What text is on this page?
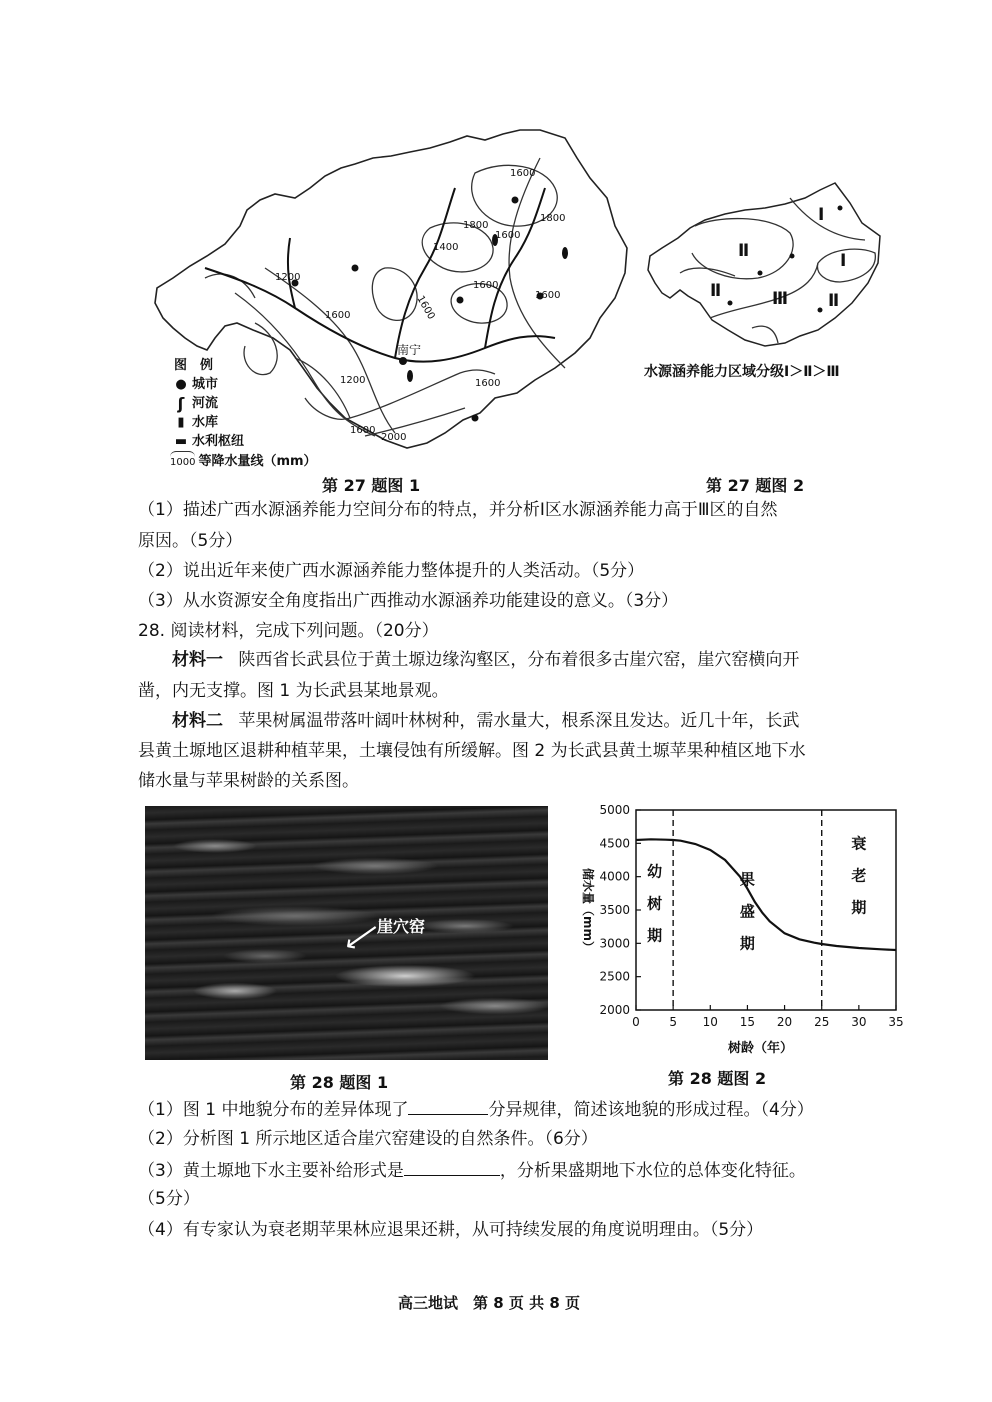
1600
1800
1600
1400
1800
1600
1600
1200
1600
1600
1200	1600
1600
2000
南宁
图　例
● 城市
ʃ 河流
▮ 水库
▬ 水利枢纽
1000 等降水量线（mm）
第 27 题图 1
Ⅱ
Ⅰ
Ⅰ
Ⅱ	Ⅲ Ⅱ
水源涵养能力区域分级Ⅰ＞Ⅱ＞Ⅲ
第 27 题图 2
（1）描述广西水源涵养能力空间分布的特点，并分析Ⅰ区水源涵养能力高于Ⅲ区的自然
原因。（5分）
（2）说出近年来使广西水源涵养能力整体提升的人类活动。（5分）
（3）从水资源安全角度指出广西推动水源涵养功能建设的意义。（3分）
28. 阅读材料，完成下列问题。（20分）
材料一 陕西省长武县位于黄土塬边缘沟壑区，分布着很多古崖穴窑，崖穴窑横向开
凿，内无支撑。图 1 为长武县某地景观。
材料二 苹果树属温带落叶阔叶林树种，需水量大，根系深且发达。近几十年，长武
县黄土塬地区退耕种植苹果，土壤侵蚀有所缓解。图 2 为长武县黄土塬苹果种植区地下水
储水量与苹果树龄的关系图。
⟵
崖穴窑
第 28 题图 1
2000
2500
3000
3500
4000
4500
5000
0 5 10 15 20 25 30 35
幼
树
期
果
盛
期
衰
老
期
储水量（mm）
树龄（年）
第 28 题图 2
（1）图 1 中地貌分布的差异体现了	分异规律，简述该地貌的形成过程。（4分）
（2）分析图 1 所示地区适合崖穴窑建设的自然条件。（6分）
（3）黄土塬地下水主要补给形式是	，分析果盛期地下水位的总体变化特征。
（5分）
（4）有专家认为衰老期苹果林应退果还耕，从可持续发展的角度说明理由。（5分）
高三地试　第 8 页 共 8 页
